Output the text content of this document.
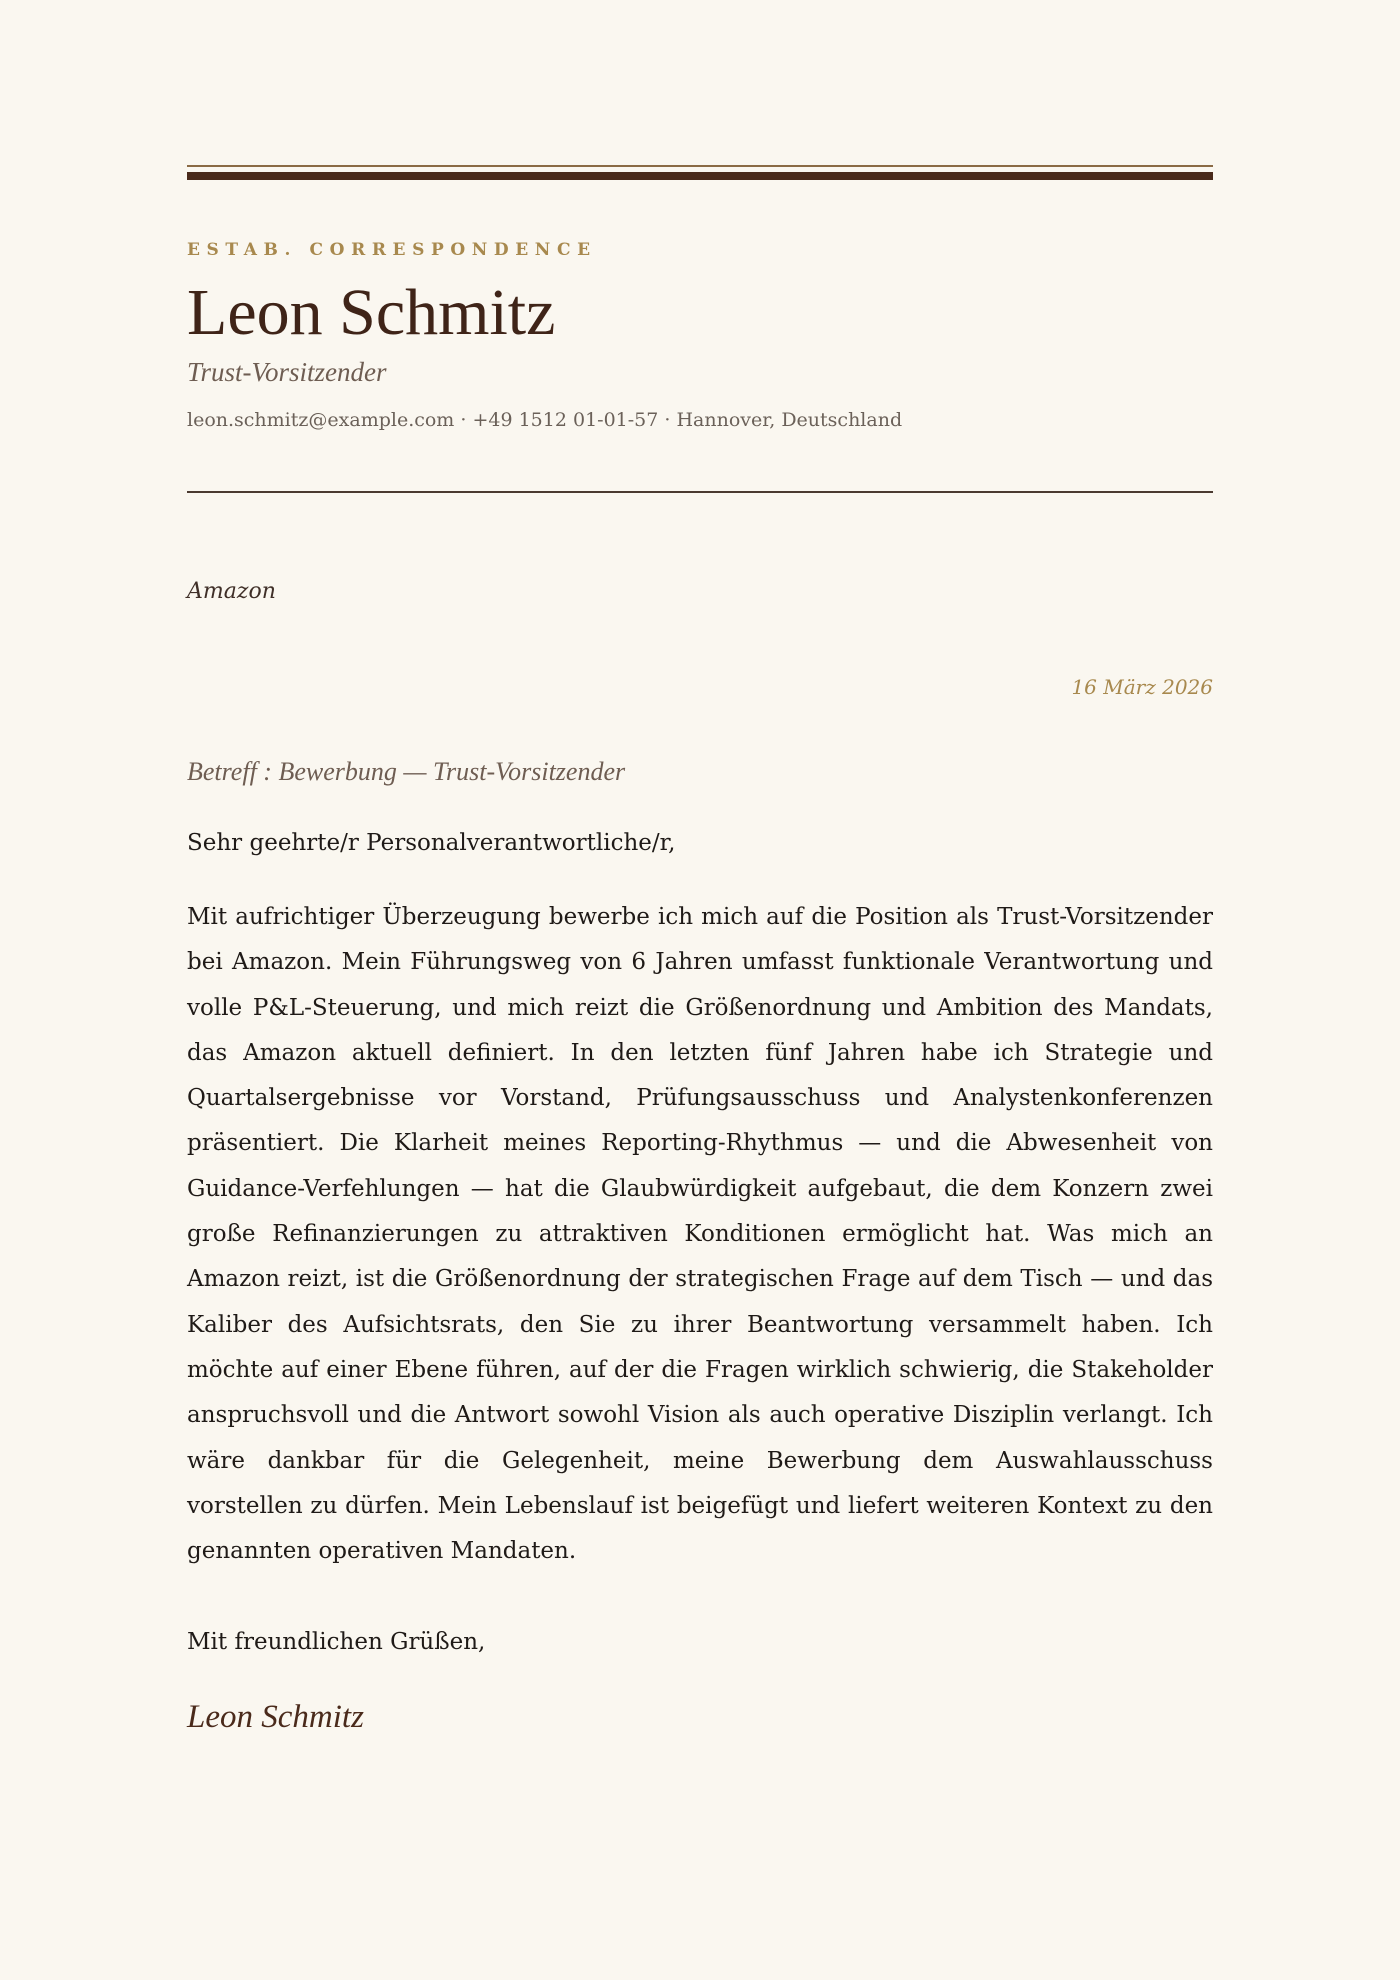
ESTAB. CORRESPONDENCE
Leon Schmitz
Trust-Vorsitzender
leon.schmitz@example.com · +49 1512 01-01-57 · Hannover, Deutschland
Amazon
16 März 2026
Betreff : Bewerbung — Trust-Vorsitzender
Sehr geehrte/r Personalverantwortliche/r,
Mit aufrichtiger Überzeugung bewerbe ich mich auf die Position als Trust-Vorsitzender bei Amazon. Mein Führungsweg von 6 Jahren umfasst funktionale Verantwortung und volle P&L-Steuerung, und mich reizt die Größenordnung und Ambition des Mandats, das Amazon aktuell definiert. In den letzten fünf Jahren habe ich Strategie und Quartalsergebnisse vor Vorstand, Prüfungsausschuss und Analystenkonferenzen präsentiert. Die Klarheit meines Reporting-Rhythmus — und die Abwesenheit von Guidance-Verfehlungen — hat die Glaubwürdigkeit aufgebaut, die dem Konzern zwei große Refinanzierungen zu attraktiven Konditionen ermöglicht hat. Was mich an Amazon reizt, ist die Größenordnung der strategischen Frage auf dem Tisch — und das Kaliber des Aufsichtsrats, den Sie zu ihrer Beantwortung versammelt haben. Ich möchte auf einer Ebene führen, auf der die Fragen wirklich schwierig, die Stakeholder anspruchsvoll und die Antwort sowohl Vision als auch operative Disziplin verlangt. Ich wäre dankbar für die Gelegenheit, meine Bewerbung dem Auswahlausschuss vorstellen zu dürfen. Mein Lebenslauf ist beigefügt und liefert weiteren Kontext zu den genannten operativen Mandaten.
Mit freundlichen Grüßen,
Leon Schmitz
